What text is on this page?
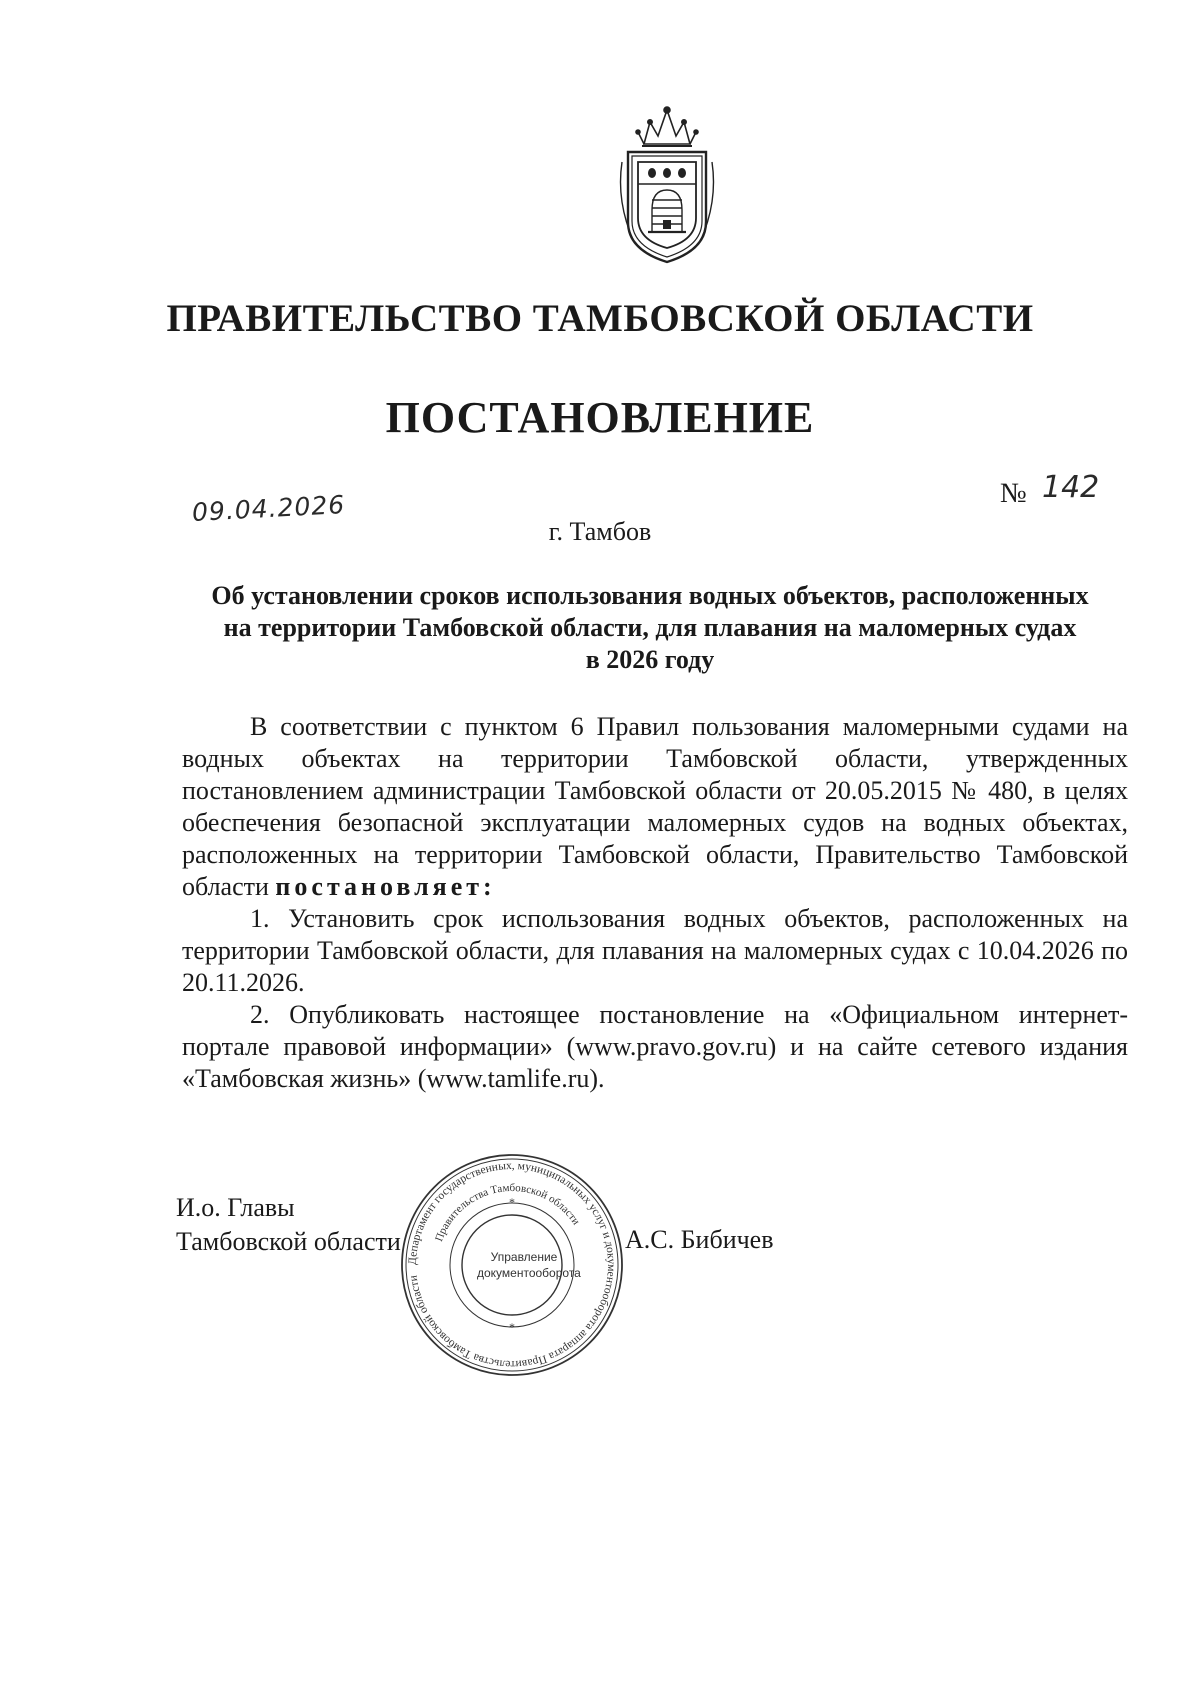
ПРАВИТЕЛЬСТВО ТАМБОВСКОЙ ОБЛАСТИ
ПОСТАНОВЛЕНИЕ
09.04.2026	№ 142
г. Тамбов
Об установлении сроков использования водных объектов, расположенных
на территории Тамбовской области, для плавания на маломерных судах
в 2026 году

В соответствии с пунктом 6 Правил пользования маломерными судами на водных объектах на территории Тамбовской области, утвержденных постановлением администрации Тамбовской области от 20.05.2015 № 480, в целях обеспечения безопасной эксплуатации маломерных судов на водных объектах, расположенных на территории Тамбовской области, Правительство Тамбовской области постановляет:

1. Установить срок использования водных объектов, расположенных на территории Тамбовской области, для плавания на маломерных судах с 10.04.2026 по 20.11.2026.

2. Опубликовать настоящее постановление на «Официальном интернет-портале правовой информации» (www.pravo.gov.ru) и на сайте сетевого издания «Тамбовская жизнь» (www.tamlife.ru).

И.о. Главы
Тамбовской области
Департамент государственных, муниципальных услуг и документооборота аппарата Правительства Тамбовской области
Правительства Тамбовской области
*
*
Управление
документооборота
А.С. Бибичев
